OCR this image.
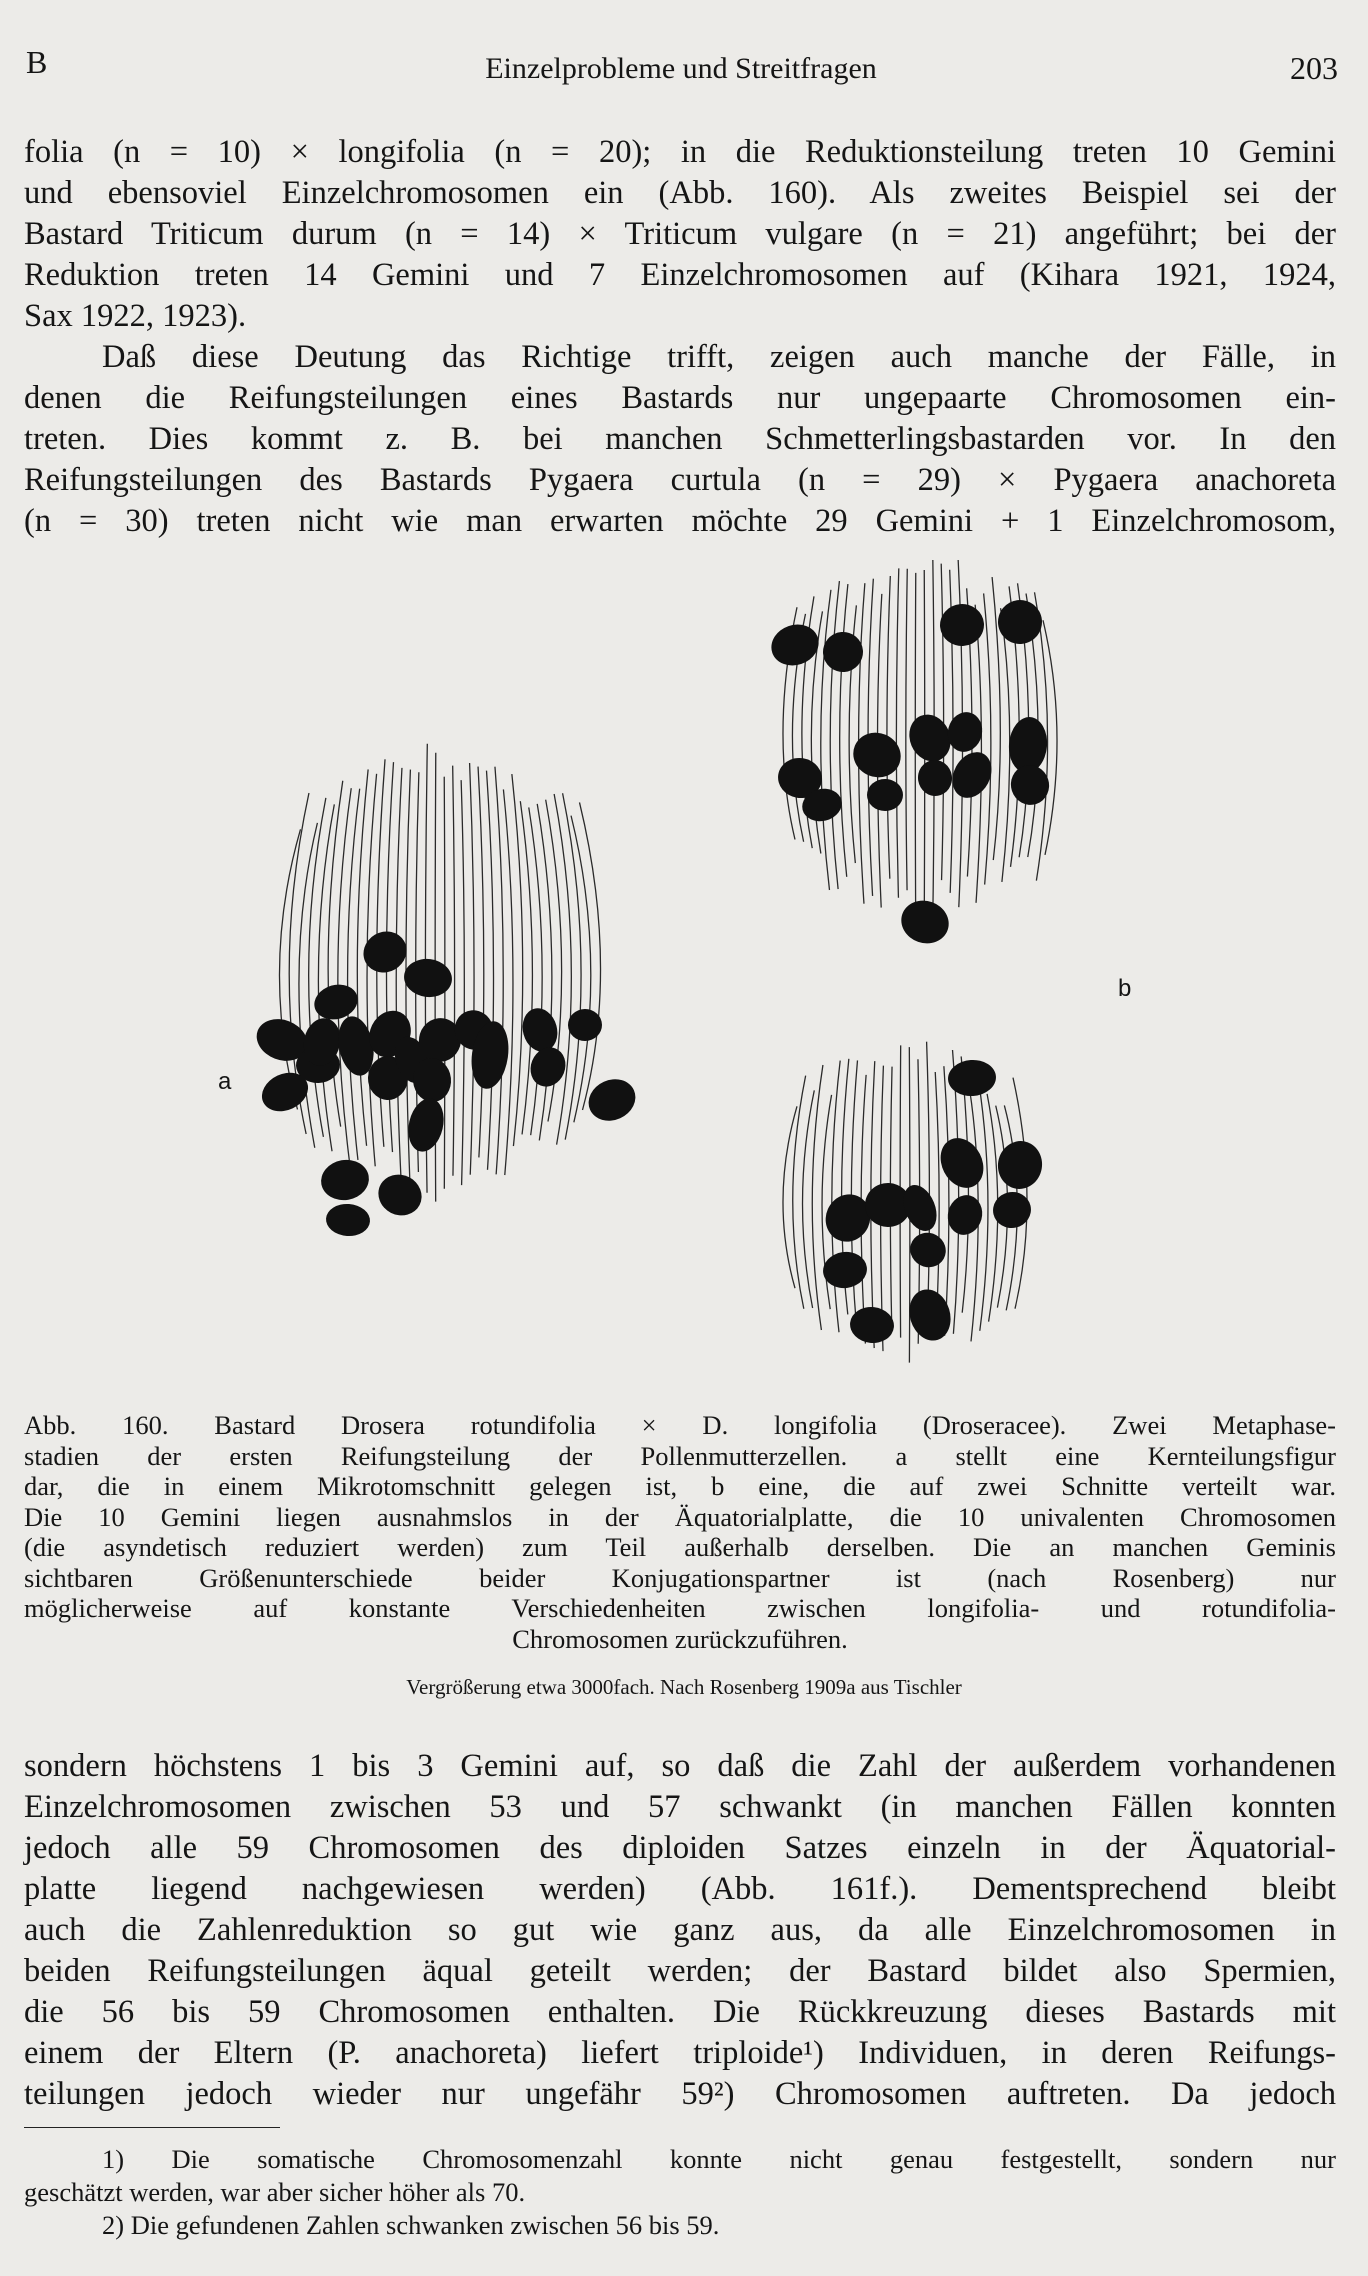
B	Einzelprobleme und Streitfragen	203

folia (n = 10) × longifolia (n = 20); in die Reduktionsteilung treten 10 Gemini
und ebensoviel Einzelchromosomen ein (Abb. 160). Als zweites Beispiel sei der
Bastard Triticum durum (n = 14) × Triticum vulgare (n = 21) angeführt; bei der
Reduktion treten 14 Gemini und 7 Einzelchromosomen auf (Kihara 1921, 1924,
Sax 1922, 1923).

Daß diese Deutung das Richtige trifft, zeigen auch manche der Fälle, in
denen die Reifungsteilungen eines Bastards nur ungepaarte Chromosomen ein-
treten. Dies kommt z. B. bei manchen Schmetterlingsbastarden vor. In den
Reifungsteilungen des Bastards Pygaera curtula (n = 29) × Pygaera anachoreta
(n = 30) treten nicht wie man erwarten möchte 29 Gemini + 1 Einzelchromosom,

a
b

Abb. 160. Bastard Drosera rotundifolia × D. longifolia (Droseracee). Zwei Metaphase-
stadien der ersten Reifungsteilung der Pollenmutterzellen. a stellt eine Kernteilungsfigur
dar, die in einem Mikrotomschnitt gelegen ist, b eine, die auf zwei Schnitte verteilt war.
Die 10 Gemini liegen ausnahmslos in der Äquatorialplatte, die 10 univalenten Chromosomen
(die asyndetisch reduziert werden) zum Teil außerhalb derselben. Die an manchen Geminis
sichtbaren Größenunterschiede beider Konjugationspartner ist (nach Rosenberg) nur
möglicherweise auf konstante Verschiedenheiten zwischen longifolia- und rotundifolia-
Chromosomen zurückzuführen.

Vergrößerung etwa 3000fach. Nach Rosenberg 1909a aus Tischler

sondern höchstens 1 bis 3 Gemini auf, so daß die Zahl der außerdem vorhandenen
Einzelchromosomen zwischen 53 und 57 schwankt (in manchen Fällen konnten
jedoch alle 59 Chromosomen des diploiden Satzes einzeln in der Äquatorial-
platte liegend nachgewiesen werden) (Abb. 161f.). Dementsprechend bleibt
auch die Zahlenreduktion so gut wie ganz aus, da alle Einzelchromosomen in
beiden Reifungsteilungen äqual geteilt werden; der Bastard bildet also Spermien,
die 56 bis 59 Chromosomen enthalten. Die Rückkreuzung dieses Bastards mit
einem der Eltern (P. anachoreta) liefert triploide¹) Individuen, in deren Reifungs-
teilungen jedoch wieder nur ungefähr 59²) Chromosomen auftreten. Da jedoch

1) Die somatische Chromosomenzahl konnte nicht genau festgestellt, sondern nur
geschätzt werden, war aber sicher höher als 70.
2) Die gefundenen Zahlen schwanken zwischen 56 bis 59.
